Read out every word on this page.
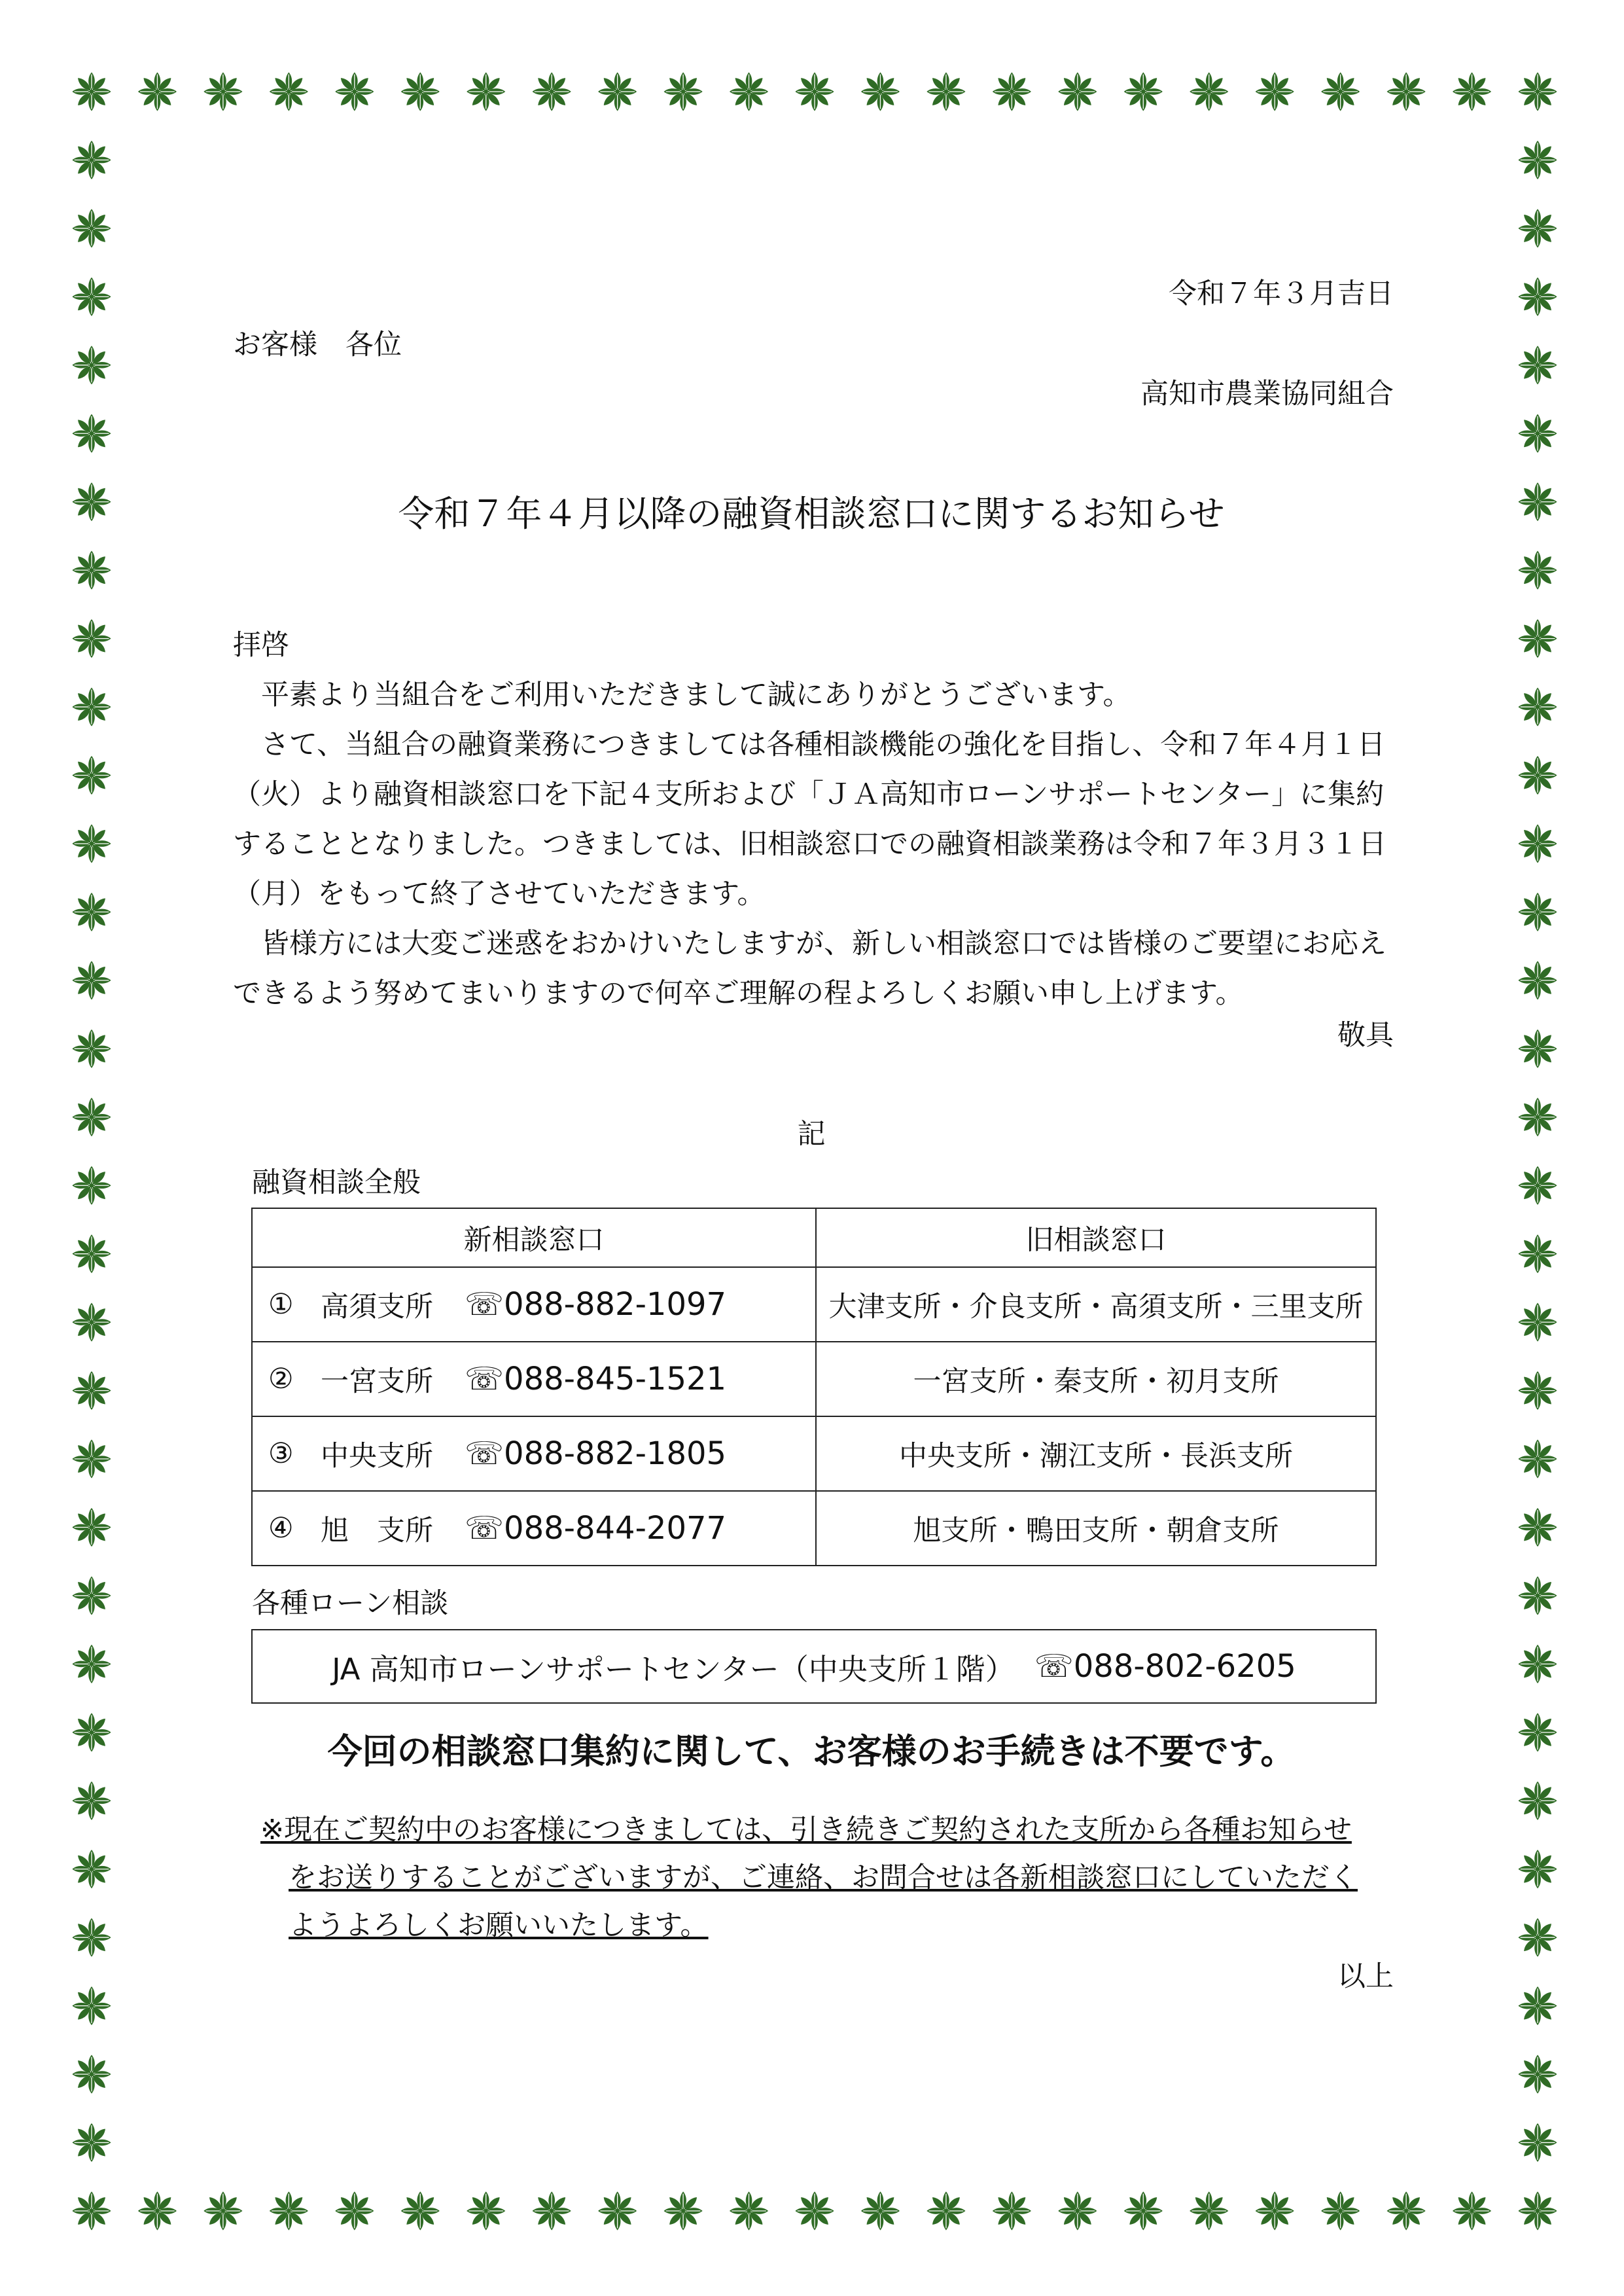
令和７年３月吉日
お客様　各位
高知市農業協同組合
令和７年４月以降の融資相談窓口に関するお知らせ

拝啓

平素より当組合をご利用いただきまして誠にありがとうございます。

さて、当組合の融資業務につきましては各種相談機能の強化を目指し、令和７年４月１日（火）より融資相談窓口を下記４支所および「ＪＡ高知市ローンサポートセンター」に集約することとなりました。つきましては、旧相談窓口での融資相談業務は令和７年３月３１日（月）をもって終了させていただきます。

皆様方には大変ご迷惑をおかけいたしますが、新しい相談窓口では皆様のご要望にお応えできるよう努めてまいりますので何卒ご理解の程よろしくお願い申し上げます。

敬具
記
融資相談全般
新相談窓口	旧相談窓口

① 高須支所 ☏088-882-1097	大津支所・介良支所・高須支所・三里支所

② 一宮支所 ☏088-845-1521	一宮支所・秦支所・初月支所

③ 中央支所 ☏088-882-1805	中央支所・潮江支所・長浜支所

④ 旭　支所 ☏088-844-2077	旭支所・鴨田支所・朝倉支所
各種ローン相談
JA 高知市ローンサポートセンター（中央支所１階） ☏088-802-6205
今回の相談窓口集約に関して、お客様のお手続きは不要です。

※現在ご契約中のお客様につきましては、引き続きご契約された支所から各種お知らせ

をお送りすることがございますが、ご連絡、お問合せは各新相談窓口にしていただく

ようよろしくお願いいたします。

以上
